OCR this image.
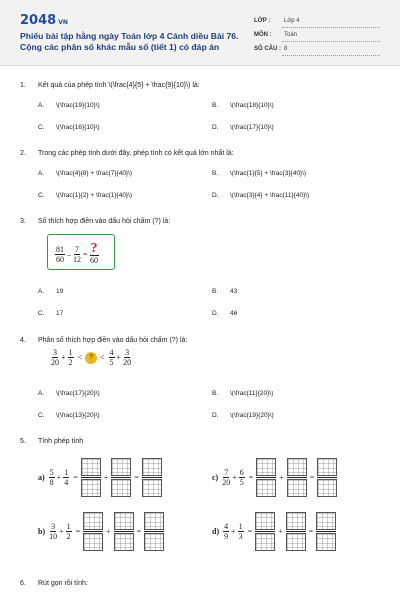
2048 VN
Phiếu bài tập hằng ngày Toán lớp 4 Cánh diều Bài 76. Cộng các phân số khác mẫu số (tiết 1) có đáp án
LỚP : Lớp 4
MÔN : Toán
SỐ CÂU : 8
1. Kết quả của phép tính \(\frac{4}{5} + \frac{9}{10}\) là:
A. \(\frac{19}{10}\)	B. \(\frac{18}{10}\)
C. \(\frac{16}{10}\)	D. \(\frac{17}{10}\)
2. Trong các phép tính dưới đây, phép tính có kết quả lớn nhất là:
A. \(\frac{4}{8} + \frac{7}{40}\)	B. \(\frac{1}{5} + \frac{3}{40}\)
C. \(\frac{1}{2} + \frac{1}{40}\)	D. \(\frac{3}{4} + \frac{11}{40}\)
3. Số thích hợp điền vào dấu hỏi chấm (?) là:
$\frac{81}{60} - \frac{7}{12} = \frac{?}{60}$
A. 19	B. 43
C. 17	D. 46
4. Phân số thích hợp điền vào dấu hỏi chấm (?) là:
$\frac{3}{20} + \frac{1}{2}$ < ? < $\frac{4}{5} + \frac{3}{20}$
A. \(\frac{17}{20}\)	B. \(\frac{11}{20}\)
C. \(\frac{13}{20}\)	D. \(\frac{19}{20}\)
5. Tính phép tính
$a) \frac{5}{8} + \frac{1}{4}$ =	+	=	$c) \frac{7}{20} + \frac{6}{5}$ =	+	=
$b) \frac{3}{10} + \frac{1}{2}$ =	+	=	$d) \frac{4}{9} + \frac{1}{3}$ =	+	=
6. Rút gọn rồi tính:
